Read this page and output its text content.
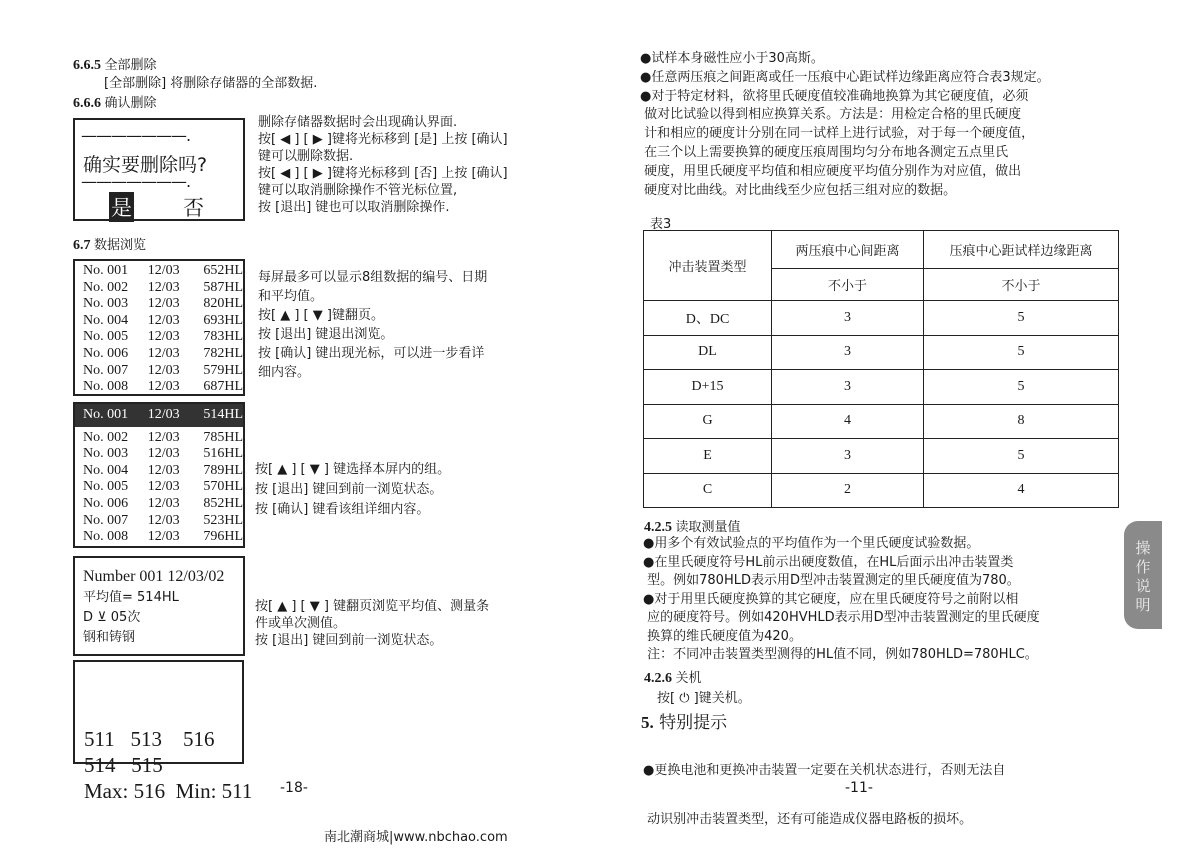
6.6.5 全部删除
[全部删除] 将删除存储器的全部数据.
6.6.6 确认删除
———————.
确实要删除吗?
———————.
是 否
删除存储器数据时会出现确认界面.
按[ ◀ ] [ ▶ ]键将光标移到 [是] 上按 [确认]
键可以删除数据.
按[ ◀ ] [ ▶ ]键将光标移到 [否] 上按 [确认]
键可以取消删除操作不管光标位置,
按 [退出] 键也可以取消删除操作.
6.7 数据浏览
No. 001	12/03	652HL
No. 002	12/03	587HL
No. 003	12/03	820HL
No. 004	12/03	693HL
No. 005	12/03	783HL
No. 006	12/03	782HL
No. 007	12/03	579HL
No. 008	12/03	687HL
每屏最多可以显示8组数据的编号、日期
和平均值。
按[ ▲ ] [ ▼ ]键翻页。
按 [退出] 键退出浏览。
按 [确认] 键出现光标，可以进一步看详
细内容。
No. 001	12/03	514HL
No. 002	12/03	785HL
No. 003	12/03	516HL
No. 004	12/03	789HL
No. 005	12/03	570HL
No. 006	12/03	852HL
No. 007	12/03	523HL
No. 008	12/03	796HL
按[ ▲ ] [ ▼ ] 键选择本屏内的组。
按 [退出] 键回到前一浏览状态。
按 [确认] 键看该组详细内容。
Number 001 12/03/02
平均值= 514HL
D ⊻ 05次
钢和铸钢
按[ ▲ ] [ ▼ ] 键翻页浏览平均值、测量条
件或单次测值。
按 [退出] 键回到前一浏览状态。

511   513    516
514   515
Max: 516  Min: 511

-18-
●试样本身磁性应小于30高斯。
●任意两压痕之间距离或任一压痕中心距试样边缘距离应符合表3规定。
●对于特定材料，欲将里氏硬度值较准确地换算为其它硬度值，必须
做对比试验以得到相应换算关系。方法是：用检定合格的里氏硬度
计和相应的硬度计分别在同一试样上进行试验，对于每一个硬度值，
在三个以上需要换算的硬度压痕周围均匀分布地各测定五点里氏
硬度，用里氏硬度平均值和相应硬度平均值分别作为对应值，做出
硬度对比曲线。对比曲线至少应包括三组对应的数据。
表3
冲击装置类型	两压痕中心间距离	压痕中心距试样边缘距离
	不小于	不小于
D、DC	3	5
DL	3	5
D+15	3	5
G	4	8
E	3	5
C	2	4
4.2.5 读取测量值
●用多个有效试验点的平均值作为一个里氏硬度试验数据。
●在里氏硬度符号HL前示出硬度数值，在HL后面示出冲击装置类
型。例如780HLD表示用D型冲击装置测定的里氏硬度值为780。
●对于用里氏硬度换算的其它硬度，应在里氏硬度符号之前附以相
应的硬度符号。例如420HVHLD表示用D型冲击装置测定的里氏硬度
换算的维氏硬度值为420。
注：不同冲击装置类型测得的HL值不同，例如780HLD=780HLC。
4.2.6 关机
按[ ⏻ ]键关机。
5. 特别提示

●更换电池和更换冲击装置一定要在关机状态进行，否则无法自

动识别冲击装置类型，还有可能造成仪器电路板的损坏。

操
作
说
明
-11-
南北潮商城|www.nbchao.com
